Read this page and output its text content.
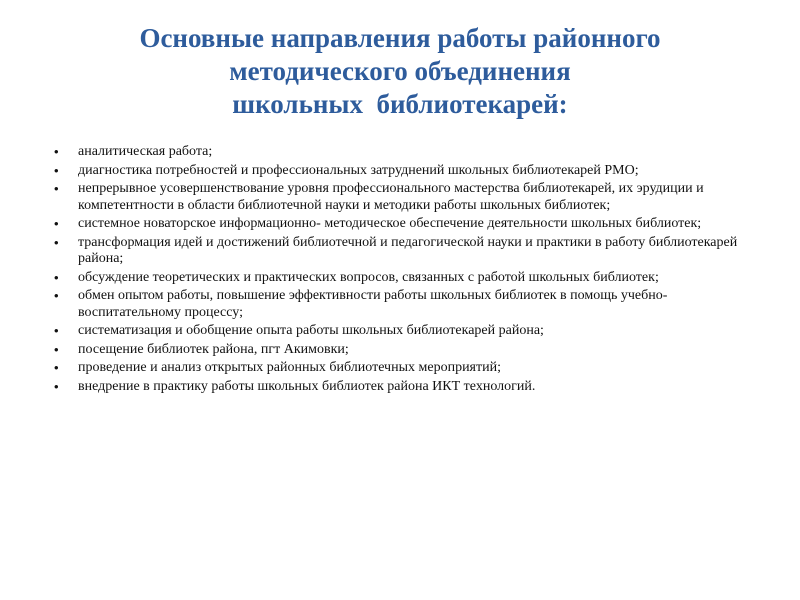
Основные направления работы районного
методического объединения
школьных  библиотекарей:
•	аналитическая работа;
•	диагностика потребностей и профессиональных затруднений школьных библиотекарей РМО;
•	непрерывное усовершенствование уровня профессионального мастерства библиотекарей, их эрудиции и компетентности в области библиотечной науки и методики работы школьных библиотек;
•	системное новаторское информационно- методическое обеспечение деятельности школьных библиотек;
•	трансформация идей и достижений библиотечной и педагогической науки и практики в работу библиотекарей района;
•	обсуждение теоретических и практических вопросов, связанных с работой школьных библиотек;
•	обмен опытом работы, повышение эффективности работы школьных библиотек в помощь учебно- воспитательному процессу;
•	систематизация и обобщение опыта работы школьных библиотекарей района;
•	посещение библиотек района, пгт Акимовки;
•	проведение и анализ открытых районных библиотечных мероприятий;
•	внедрение в практику работы школьных библиотек района ИКТ технологий.
